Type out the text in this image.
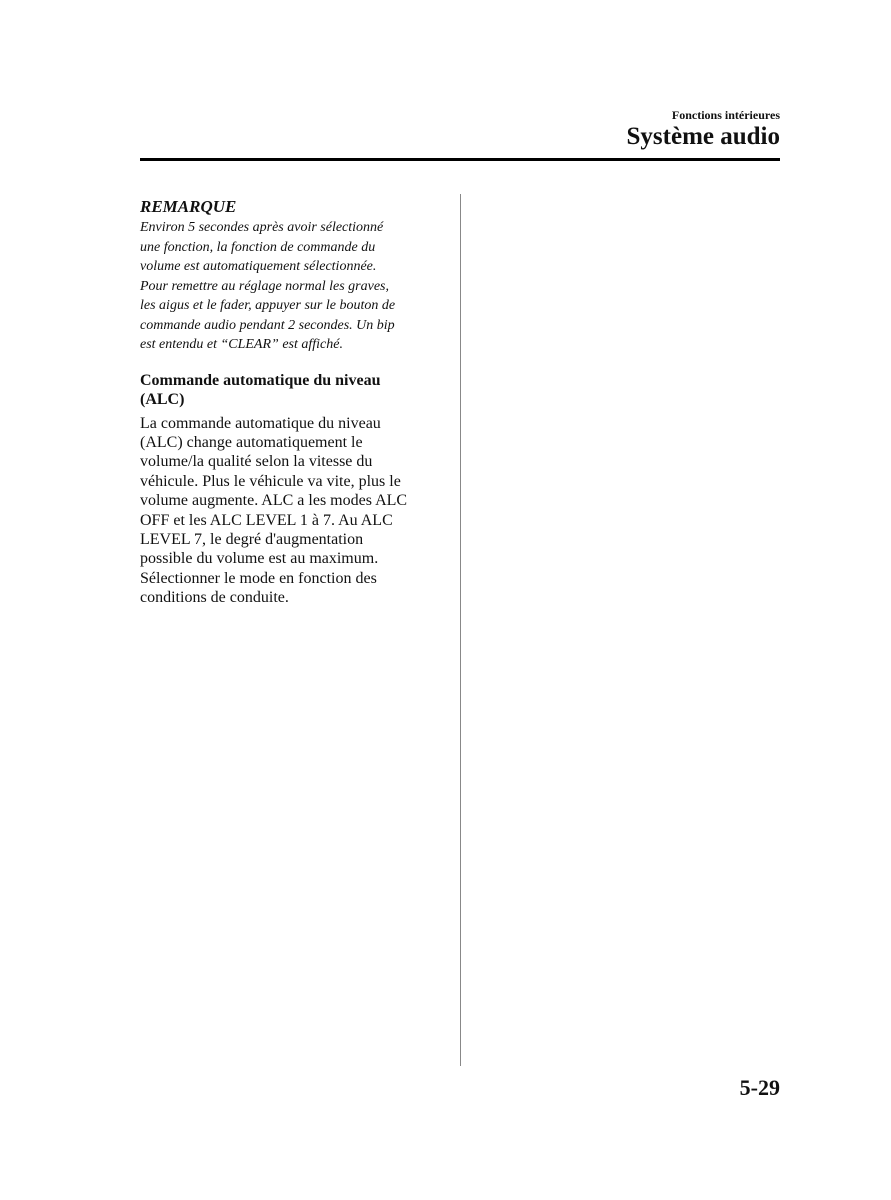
Fonctions intérieures
Système audio

REMARQUE

Environ 5 secondes après avoir sélectionné
une fonction, la fonction de commande du
volume est automatiquement sélectionnée.
Pour remettre au réglage normal les graves,
les aigus et le fader, appuyer sur le bouton de
commande audio pendant 2 secondes. Un bip
est entendu et “CLEAR” est affiché.

Commande automatique du niveau
(ALC)

La commande automatique du niveau
(ALC) change automatiquement le
volume/la qualité selon la vitesse du
véhicule. Plus le véhicule va vite, plus le
volume augmente. ALC a les modes ALC
OFF et les ALC LEVEL 1 à 7. Au ALC
LEVEL 7, le degré d'augmentation
possible du volume est au maximum.
Sélectionner le mode en fonction des
conditions de conduite.

5-29
